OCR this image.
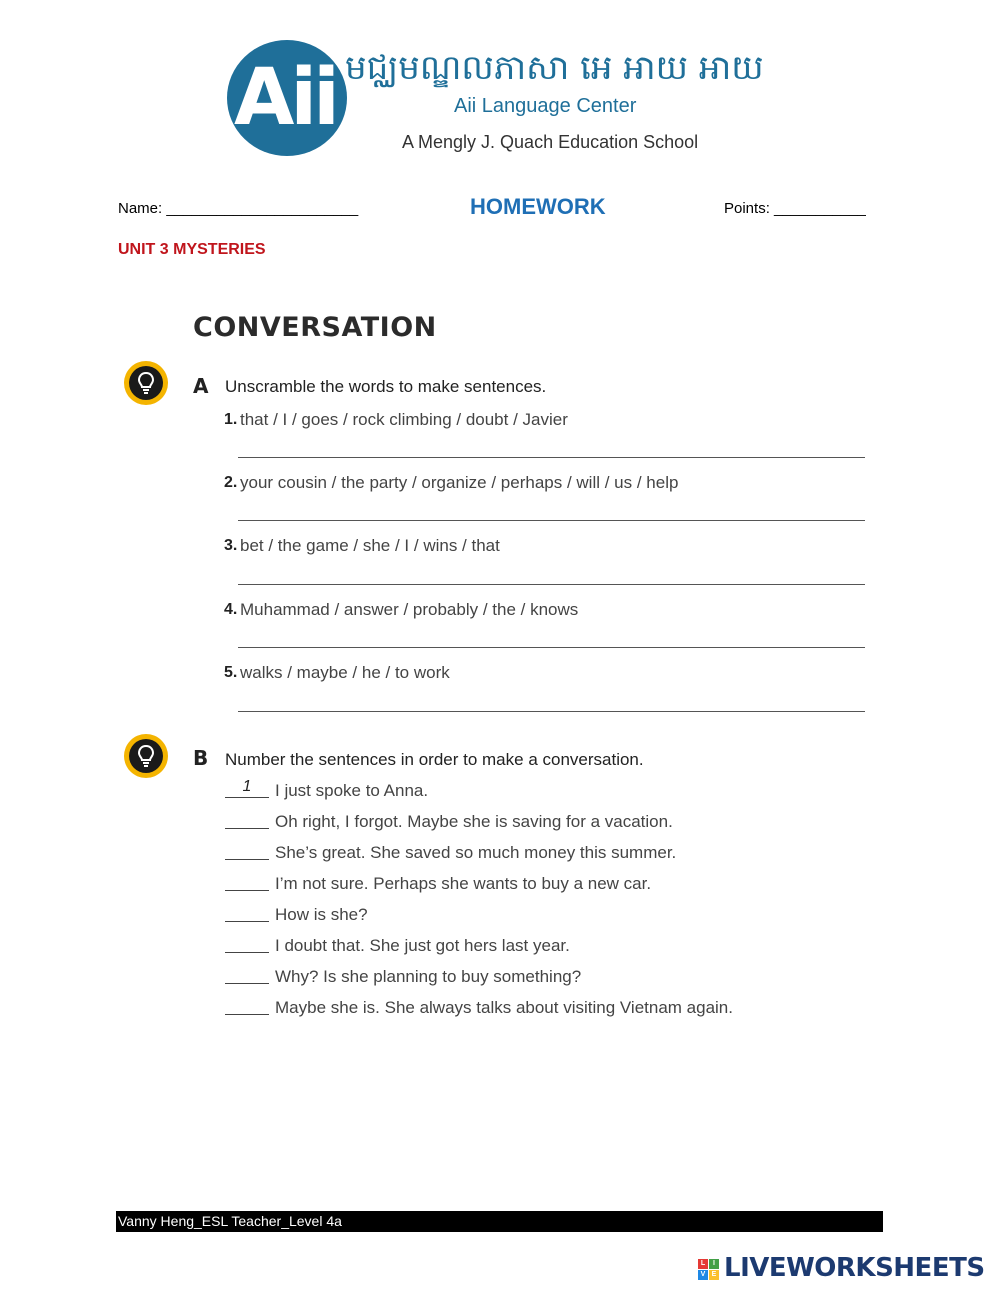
Aii មជ្ឈមណ្ឌលភាសា អេ អាយ អាយ
Aii Language Center
A Mengly J. Quach Education School
Name: _______________________	HOMEWORK	Points: ___________
UNIT 3 MYSTERIES
CONVERSATION
A Unscramble the words to make sentences.
1. that / I / goes / rock climbing / doubt / Javier
2. your cousin / the party / organize / perhaps / will / us / help
3. bet / the game / she / I / wins / that
4. Muhammad / answer / probably / the / knows
5. walks / maybe / he / to work
B Number the sentences in order to make a conversation.
1	I just spoke to Anna.
Oh right, I forgot. Maybe she is saving for a vacation.
She’s great. She saved so much money this summer.
I’m not sure. Perhaps she wants to buy a new car.
How is she?
I doubt that. She just got hers last year.
Why? Is she planning to buy something?
Maybe she is. She always talks about visiting Vietnam again.
Vanny Heng_ESL Teacher_Level 4a
L	I
V E LIVEWORKSHEETS
